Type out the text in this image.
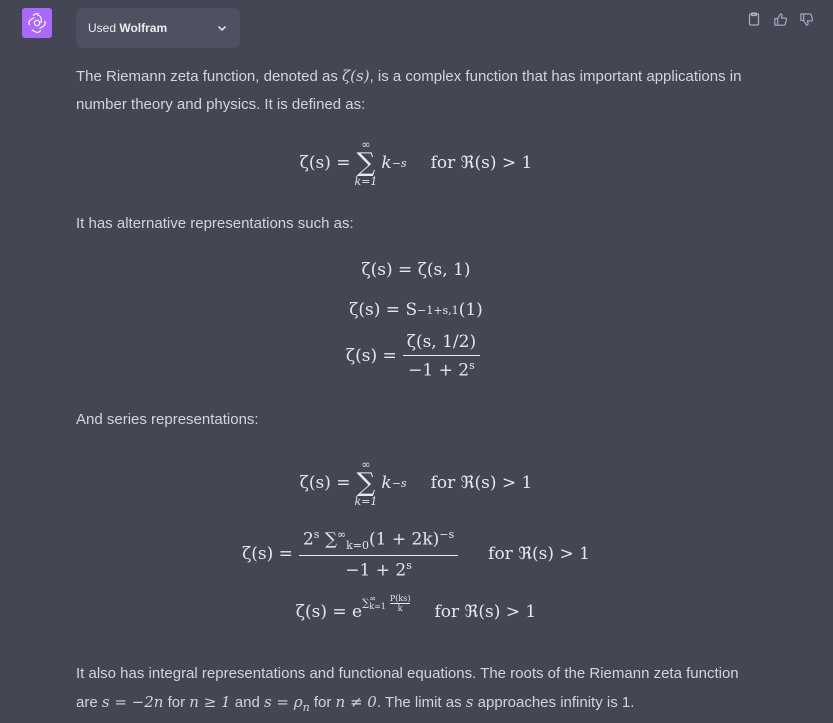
Used Wolfram

The Riemann zeta function, denoted as ζ(s), is a complex function that has important applications in number theory and physics. It is defined as:

ζ(s) =
∞
∑
k=1
k −s for ℜ(s) > 1

It has alternative representations such as:

ζ(s) = ζ(s, 1)
ζ(s) = S −1+s,1 (1)
$\zeta(s) = \frac{\zeta(s, 1/2)}{-1 + 2^s}$

And series representations:

ζ(s) =
∞
∑
k=1
k −s for ℜ(s) > 1
$\zeta(s) = \frac{2^s \sum^\infty_{k=0}(1 + 2k)^{-s}}{-1 + 2^s}$ for ℜ(s) > 1
ζ(s) = e ∑ ∞
k=1
P(ks)
k for ℜ(s) > 1

It also has integral representations and functional equations. The roots of the Riemann zeta function are s = −2n for n ≥ 1 and $s = \rho_n$ for n ≠ 0. The limit as s approaches infinity is 1.
